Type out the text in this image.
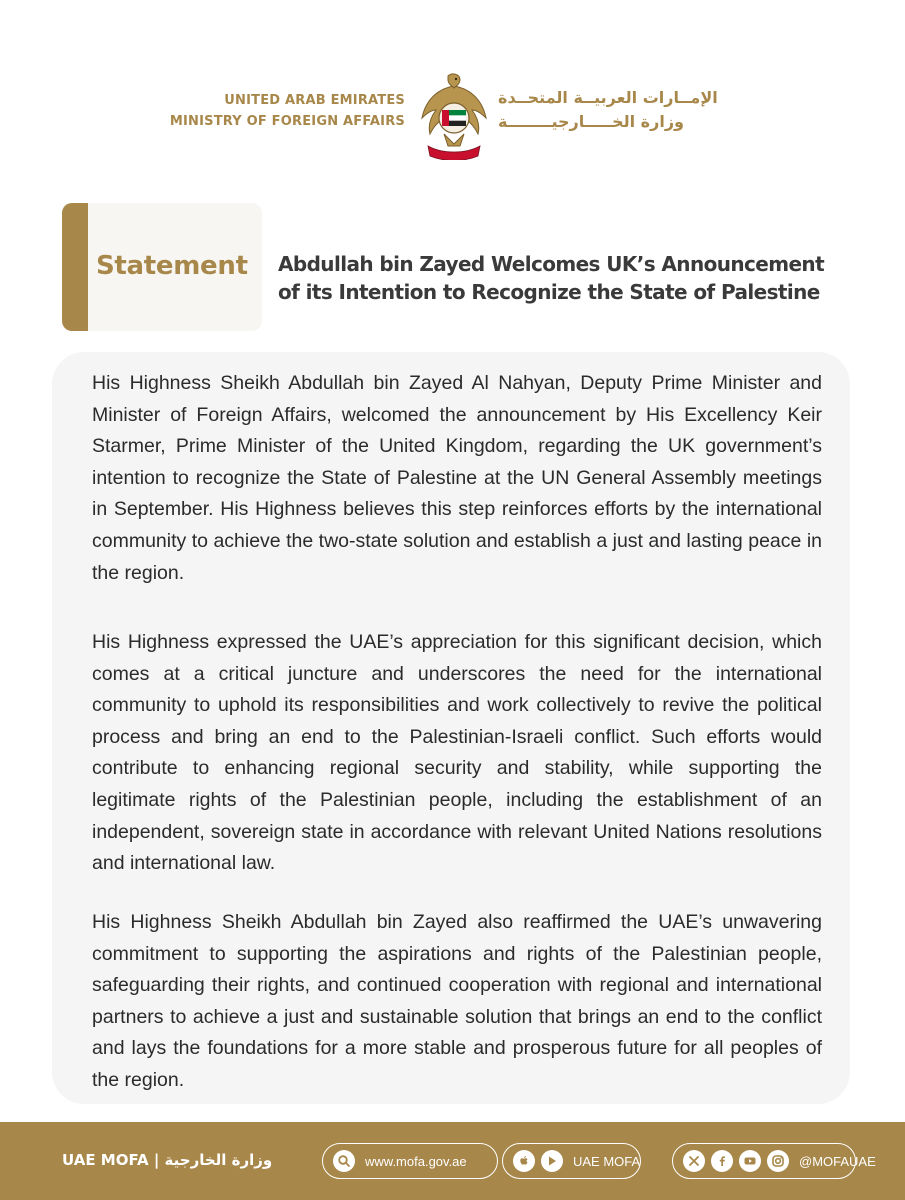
UNITED ARAB EMIRATES
MINISTRY OF FOREIGN AFFAIRS
الإمــارات العربيــة المتحــدة
وزارة الخـــــارجيــــــــة
Statement Abdullah bin Zayed Welcomes UK’s Announcement
of its Intention to Recognize the State of Palestine

His Highness Sheikh Abdullah bin Zayed Al Nahyan, Deputy Prime Minister and Minister of Foreign Affairs, welcomed the announcement by His Excellency Keir Starmer, Prime Minister of the United Kingdom, regarding the UK government’s intention to recognize the State of Palestine at the UN General Assembly meetings in September. His Highness believes this step reinforces efforts by the international community to achieve the two-state solution and establish a just and lasting peace in the region.

His Highness expressed the UAE’s appreciation for this significant decision, which comes at a critical juncture and underscores the need for the international community to uphold its responsibilities and work collectively to revive the political process and bring an end to the Palestinian-Israeli conflict. Such efforts would contribute to enhancing regional security and stability, while supporting the legitimate rights of the Palestinian people, including the establishment of an independent, sovereign state in accordance with relevant United Nations resolutions and international law.

His Highness Sheikh Abdullah bin Zayed also reaffirmed the UAE’s unwavering commitment to supporting the aspirations and rights of the Palestinian people, safeguarding their rights, and continued cooperation with regional and international partners to achieve a just and sustainable solution that brings an end to the conflict and lays the foundations for a more stable and prosperous future for all peoples of the region.

UAE MOFA | وزارة الخارجية	www.mofa.gov.ae	UAE MOFA	@MOFAUAE
